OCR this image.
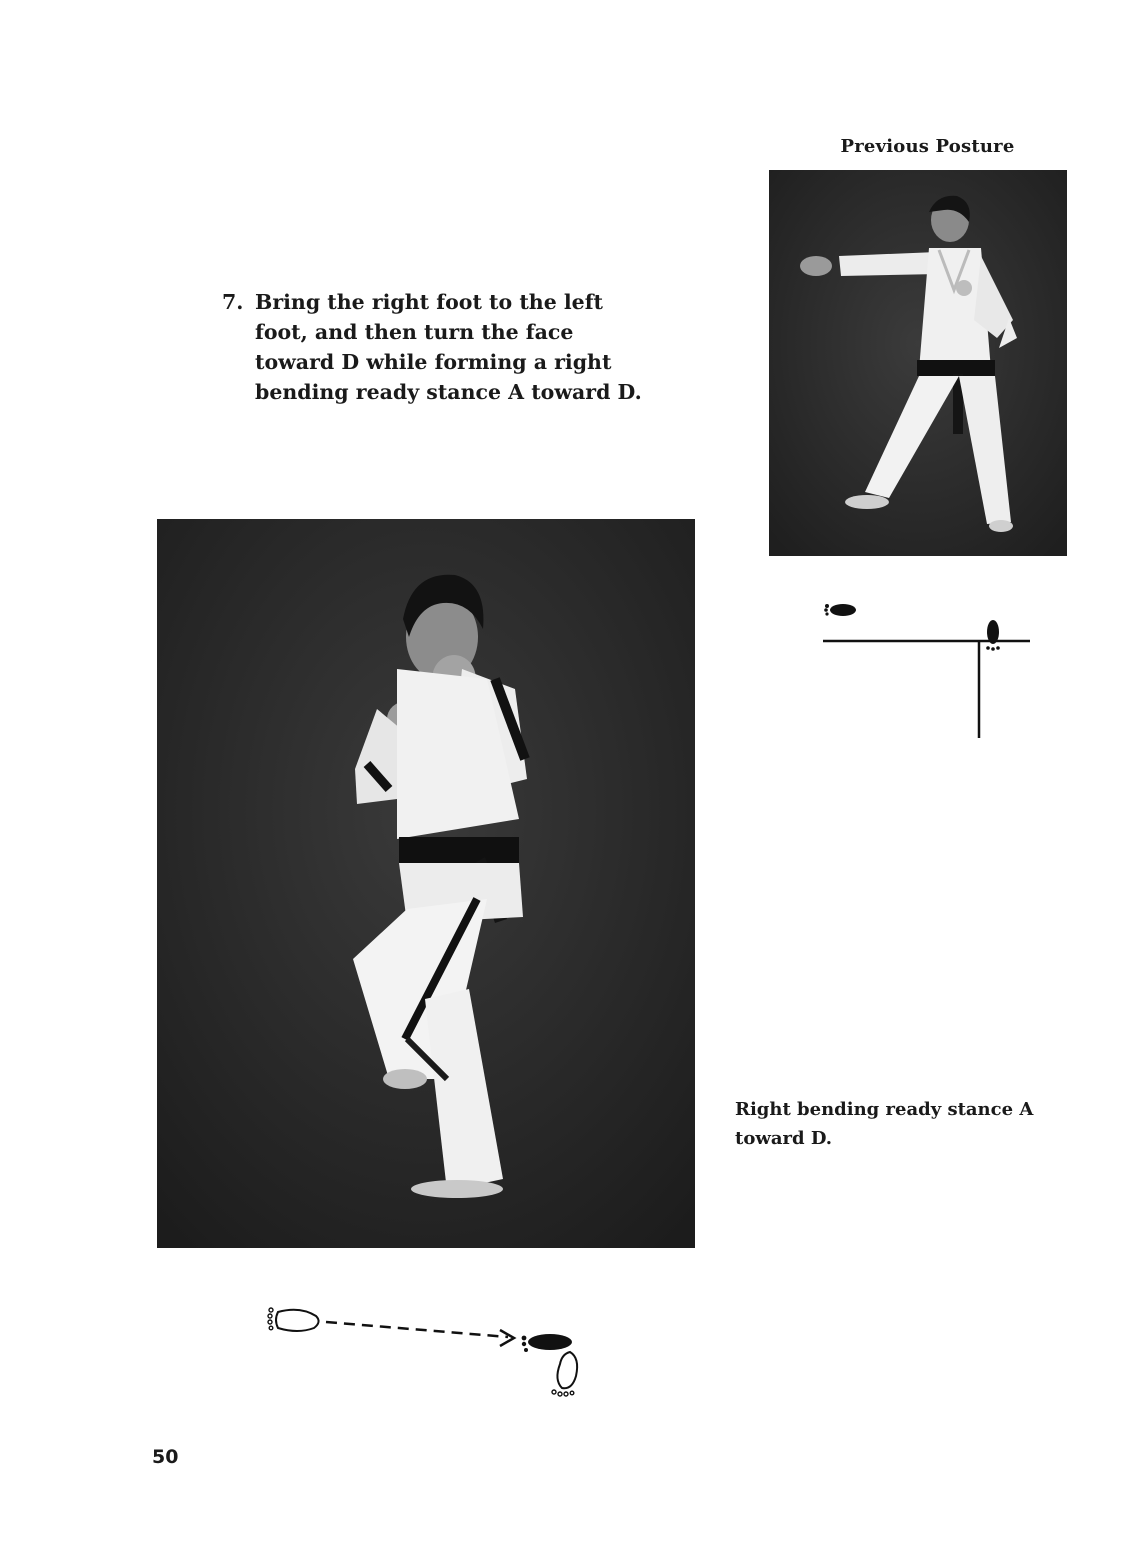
Previous Posture
7. Bring the right foot to the left foot, and then turn the face toward D while forming a right bending ready stance A toward D.
Right bending ready stance A toward D.
50
